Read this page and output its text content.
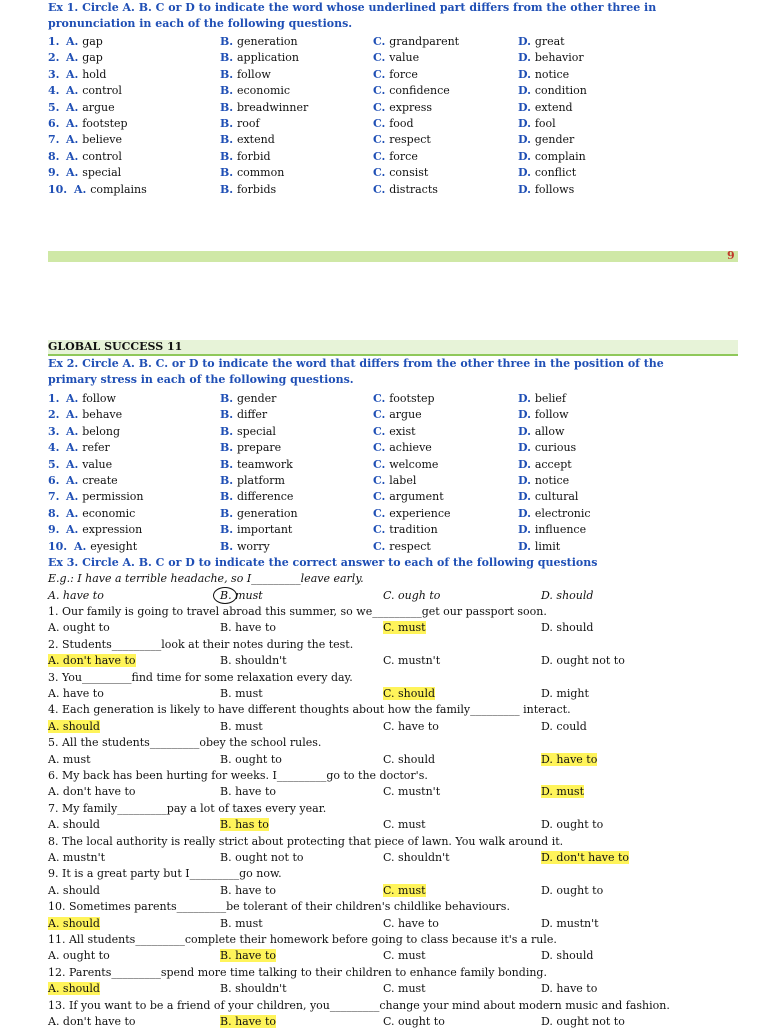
Ex 1. Circle A. B. C or D to indicate the word whose underlined part differs from the other three in
pronunciation in each of the following questions.
1. A. gap	B. generation	C. grandparent	D. great
2. A. gap	B. application	C. value	D. behavior
3. A. hold	B. follow	C. force	D. notice
4. A. control	B. economic	C. confidence	D. condition
5. A. argue	B. breadwinner	C. express	D. extend
6. A. footstep	B. roof	C. food	D. fool
7. A. believe	B. extend	C. respect	D. gender
8. A. control	B. forbid	C. force	D. complain
9. A. special	B. common	C. consist	D. conflict
10. A. complains	B. forbids	C. distracts	D. follows
9
GLOBAL SUCCESS 11
Ex 2. Circle A. B. C. or D to indicate the word that differs from the other three in the position of the
primary stress in each of the following questions.
1. A. follow	B. gender	C. footstep	D. belief
2. A. behave	B. differ	C. argue	D. follow
3. A. belong	B. special	C. exist	D. allow
4. A. refer	B. prepare	C. achieve	D. curious
5. A. value	B. teamwork	C. welcome	D. accept
6. A. create	B. platform	C. label	D. notice
7. A. permission	B. difference	C. argument	D. cultural
8. A. economic	B. generation	C. experience	D. electronic
9. A. expression	B. important	C. tradition	D. influence
10. A. eyesight	B. worry	C. respect	D. limit
Ex 3. Circle A. B. C or D to indicate the correct answer to each of the following questions
E.g.: I have a terrible headache, so I_________leave early.
A. have to	B. must	C. ough to	D. should
1. Our family is going to travel abroad this summer, so we_________get our passport soon.
A. ought to	B. have to	C. must	D. should
2. Students_________look at their notes during the test.
A. don't have to	B. shouldn't	C. mustn't	D. ought not to
3. You_________find time for some relaxation every day.
A. have to	B. must	C. should	D. might
4. Each generation is likely to have different thoughts about how the family_________ interact.
A. should	B. must	C. have to	D. could
5. All the students_________obey the school rules.
A. must	B. ought to	C. should	D. have to
6. My back has been hurting for weeks. I_________go to the doctor's.
A. don't have to	B. have to	C. mustn't	D. must
7. My family_________pay a lot of taxes every year.
A. should	B. has to	C. must	D. ought to
8. The local authority is really strict about protecting that piece of lawn. You walk around it.
A. mustn't	B. ought not to	C. shouldn't	D. don't have to
9. It is a great party but I_________go now.
A. should	B. have to	C. must	D. ought to
10. Sometimes parents_________be tolerant of their children's childlike behaviours.
A. should	B. must	C. have to	D. mustn't
11. All students_________complete their homework before going to class because it's a rule.
A. ought to	B. have to	C. must	D. should
12. Parents_________spend more time talking to their children to enhance family bonding.
A. should	B. shouldn't	C. must	D. have to
13. If you want to be a friend of your children, you_________change your mind about modern music and fashion.
A. don't have to	B. have to	C. ought to	D. ought not to
